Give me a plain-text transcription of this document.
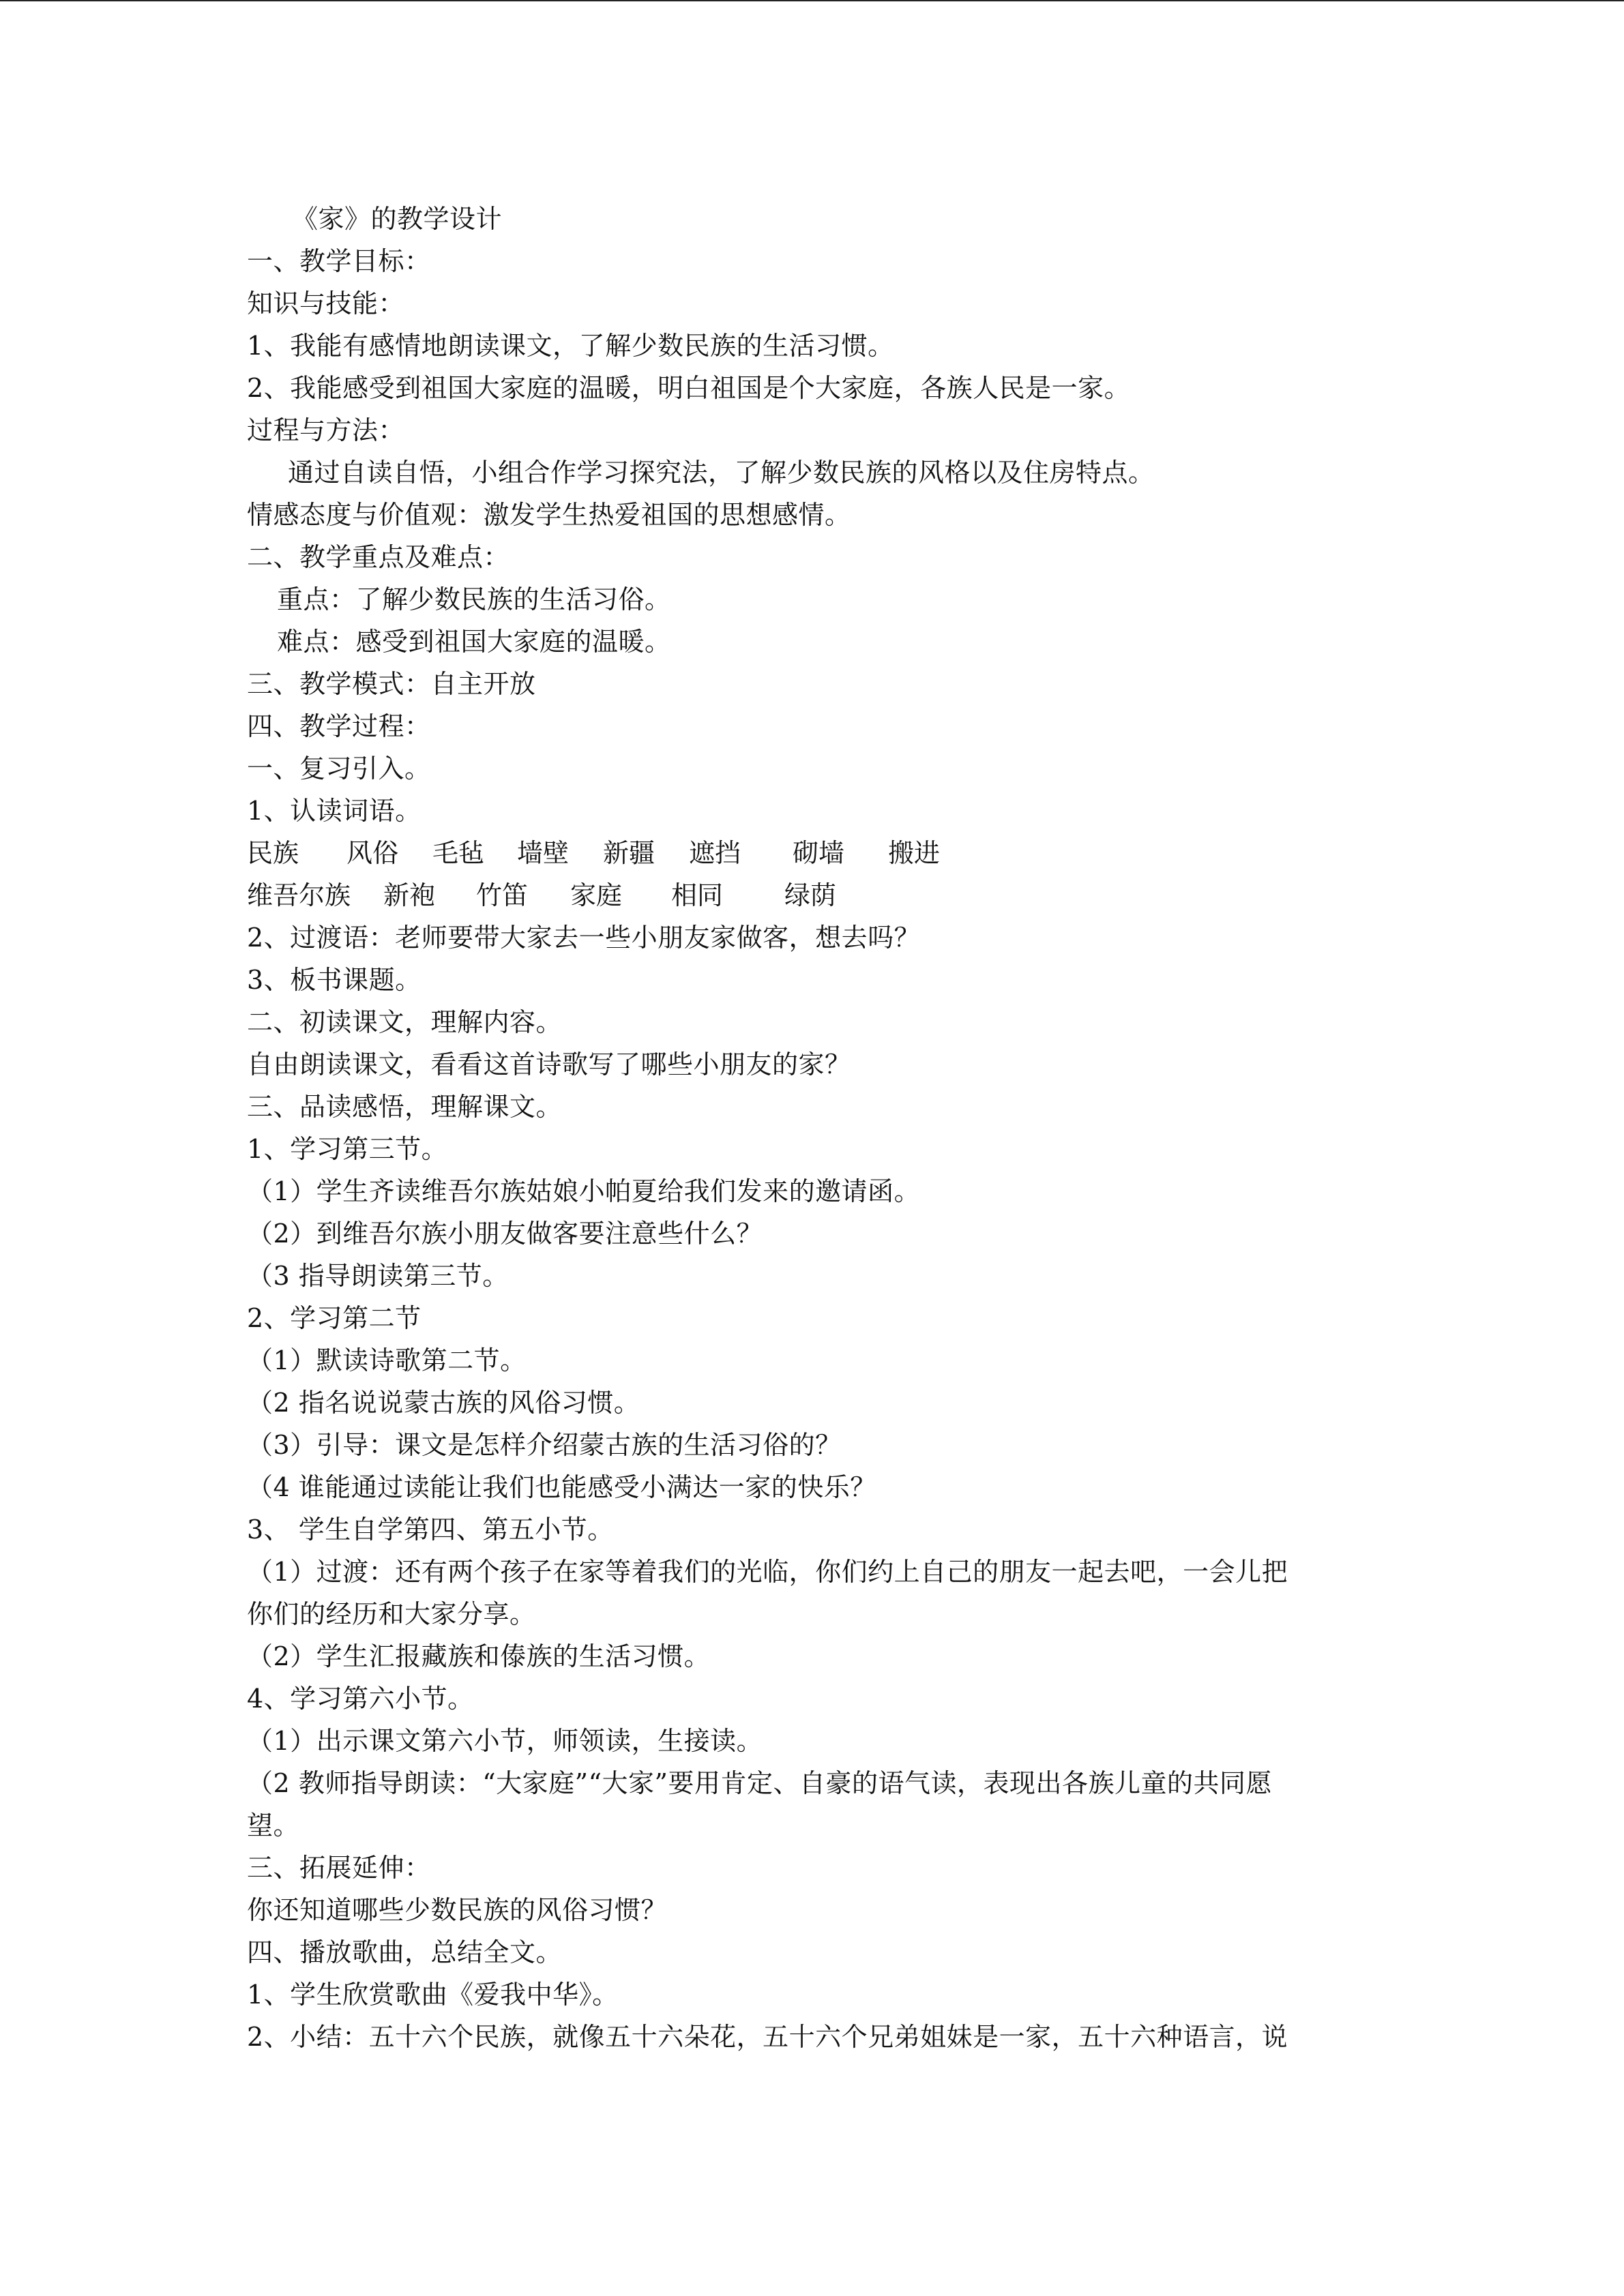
《家》的教学设计
一、教学目标：
知识与技能：
1、我能有感情地朗读课文，了解少数民族的生活习惯。
2、我能感受到祖国大家庭的温暖，明白祖国是个大家庭，各族人民是一家。
过程与方法：
通过自读自悟，小组合作学习探究法，了解少数民族的风格以及住房特点。
情感态度与价值观：激发学生热爱祖国的思想感情。
二、教学重点及难点：
重点：了解少数民族的生活习俗。
难点：感受到祖国大家庭的温暖。
三、教学模式：自主开放
四、教学过程：
一、复习引入。
1、认读词语。
民族	风俗	毛毡	墙壁	新疆	遮挡	砌墙	搬进
维吾尔族	新袍	竹笛	家庭	相同	绿荫
2、过渡语：老师要带大家去一些小朋友家做客，想去吗？
3、板书课题。
二、初读课文，理解内容。
自由朗读课文，看看这首诗歌写了哪些小朋友的家？
三、品读感悟，理解课文。
1、学习第三节。
（1）学生齐读维吾尔族姑娘小帕夏给我们发来的邀请函。
（2）到维吾尔族小朋友做客要注意些什么？
（3 指导朗读第三节。
2、学习第二节
（1）默读诗歌第二节。
（2 指名说说蒙古族的风俗习惯。
（3）引导：课文是怎样介绍蒙古族的生活习俗的？
（4 谁能通过读能让我们也能感受小满达一家的快乐？
3、 学生自学第四、第五小节。
（1）过渡：还有两个孩子在家等着我们的光临，你们约上自己的朋友一起去吧，一会儿把
你们的经历和大家分享。
（2）学生汇报藏族和傣族的生活习惯。
4、学习第六小节。
（1）出示课文第六小节，师领读，生接读。
（2 教师指导朗读：“大家庭”“大家”要用肯定、自豪的语气读，表现出各族儿童的共同愿
望。
三、拓展延伸：
你还知道哪些少数民族的风俗习惯？
四、播放歌曲，总结全文。
1、学生欣赏歌曲《爱我中华》。
2、小结：五十六个民族，就像五十六朵花，五十六个兄弟姐妹是一家，五十六种语言，说
